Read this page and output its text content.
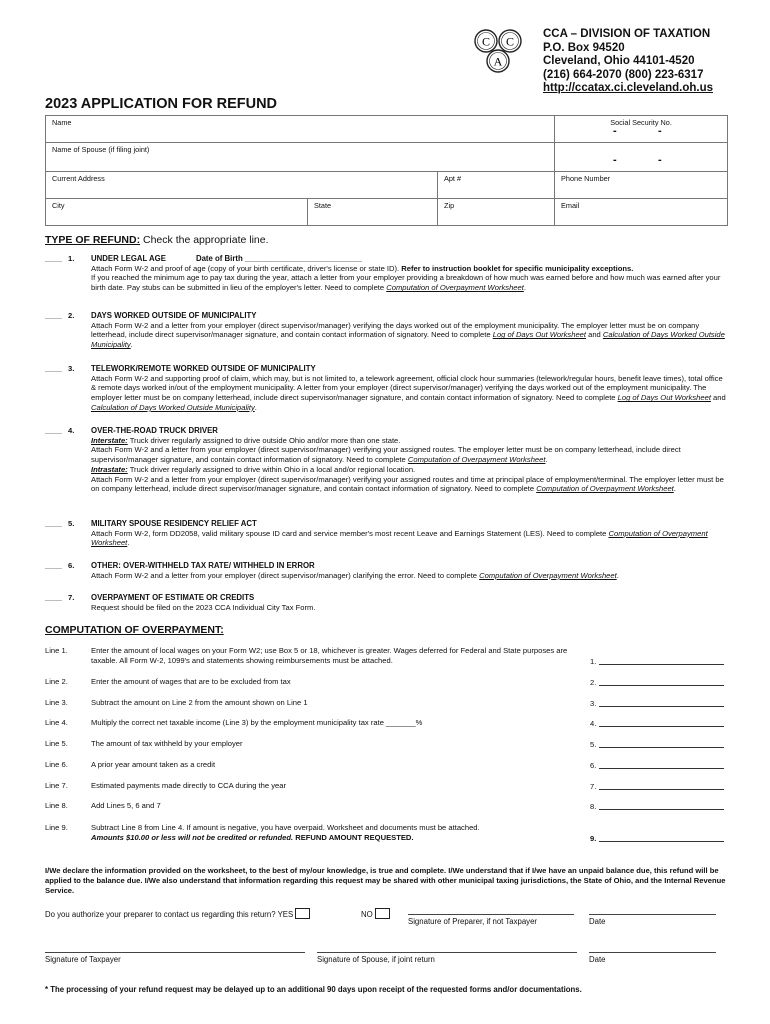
C C
A
CCA – DIVISION OF TAXATION
P.O. Box 94520
Cleveland, Ohio 44101-4520
(216) 664-2070 (800) 223-6317
http://ccatax.ci.cleveland.oh.us
2023 APPLICATION FOR REFUND
Name			Social Security No.
- -

Name of Spouse (if filing joint)			- -

Current Address		Apt #	Phone Number
City	State	Zip	Email
TYPE OF REFUND: Check the appropriate line.
____ 1. UNDER LEGAL AGE	Date of Birth ___________________________
Attach Form W-2 and proof of age (copy of your birth certificate, driver's license or state ID). Refer to instruction booklet for specific municipality exceptions.
If you reached the minimum age to pay tax during the year, attach a letter from your employer providing a breakdown of how much was earned before and how much was earned after your birth date. Pay stubs can be submitted in lieu of the employer's letter. Need to complete Computation of Overpayment Worksheet.
____ 2. DAYS WORKED OUTSIDE OF MUNICIPALITY
Attach Form W-2 and a letter from your employer (direct supervisor/manager) verifying the days worked out of the employment municipality. The employer letter must be on company letterhead, include direct supervisor/manager signature, and contain contact information of signatory. Need to complete Log of Days Out Worksheet and Calculation of Days Worked Outside Municipality.
____ 3. TELEWORK/REMOTE WORKED OUTSIDE OF MUNICIPALITY
Attach Form W-2 and supporting proof of claim, which may, but is not limited to, a telework agreement, official clock hour summaries (telework/regular hours, benefit leave times), total office & remote days worked in/out of the employment municipality. A letter from your employer (direct supervisor/manager) verifying the days worked out of the employment municipality. The employer letter must be on company letterhead, include direct supervisor/manager signature, and contain contact information of signatory. Need to complete Log of Days Out Worksheet and Calculation of Days Worked Outside Municipality.
____ 4. OVER-THE-ROAD TRUCK DRIVER
Interstate: Truck driver regularly assigned to drive outside Ohio and/or more than one state.
Attach Form W-2 and a letter from your employer (direct supervisor/manager) verifying your assigned routes. The employer letter must be on company letterhead, include direct supervisor/manager signature, and contain contact information of signatory. Need to complete Computation of Overpayment Worksheet.
Intrastate: Truck driver regularly assigned to drive within Ohio in a local and/or regional location.
Attach Form W-2 and a letter from your employer (direct supervisor/manager) verifying your assigned routes and time at principal place of employment/terminal. The employer letter must be on company letterhead, include direct supervisor/manager signature, and contain contact information of signatory. Need to complete Computation of Overpayment Worksheet.
____ 5. MILITARY SPOUSE RESIDENCY RELIEF ACT
Attach Form W-2, form DD2058, valid military spouse ID card and service member's most recent Leave and Earnings Statement (LES). Need to complete Computation of Overpayment Worksheet.
____ 6. OTHER: OVER-WITHHELD TAX RATE/ WITHHELD IN ERROR
Attach Form W-2 and a letter from your employer (direct supervisor/manager) clarifying the error. Need to complete Computation of Overpayment Worksheet.
____ 7. OVERPAYMENT OF ESTIMATE OR CREDITS
Request should be filed on the 2023 CCA Individual City Tax Form.
COMPUTATION OF OVERPAYMENT:
Line 1.	Enter the amount of local wages on your Form W2; use Box 5 or 18, whichever is greater. Wages deferred for Federal and State purposes are taxable. All Form W-2, 1099's and statements showing reimbursements must be attached.	1.
Line 2.	Enter the amount of wages that are to be excluded from tax	2.
Line 3.	Subtract the amount on Line 2 from the amount shown on Line 1	3.
Line 4.	Multiply the correct net taxable income (Line 3) by the employment municipality tax rate _______%	4.
Line 5.	The amount of tax withheld by your employer	5.
Line 6.	A prior year amount taken as a credit	6.
Line 7.	Estimated payments made directly to CCA during the year	7.
Line 8.	Add Lines 5, 6 and 7	8.
Line 9.	Subtract Line 8 from Line 4. If amount is negative, you have overpaid. Worksheet and documents must be attached.
Amounts $10.00 or less will not be credited or refunded. REFUND AMOUNT REQUESTED.	9.
I/We declare the information provided on the worksheet, to the best of my/our knowledge, is true and complete. I/We understand that if I/we have an unpaid balance due, this refund will be applied to the balance due. I/We also understand that information regarding this request may be shared with other municipal taxing jurisdictions, the State of Ohio, and the Internal Revenue Service.
Do you authorize your preparer to contact us regarding this return? YES	NO
Signature of Preparer, if not Taxpayer	Date
Signature of Taxpayer	Signature of Spouse, if joint return	Date
* The processing of your refund request may be delayed up to an additional 90 days upon receipt of the requested forms and/or documentations.
